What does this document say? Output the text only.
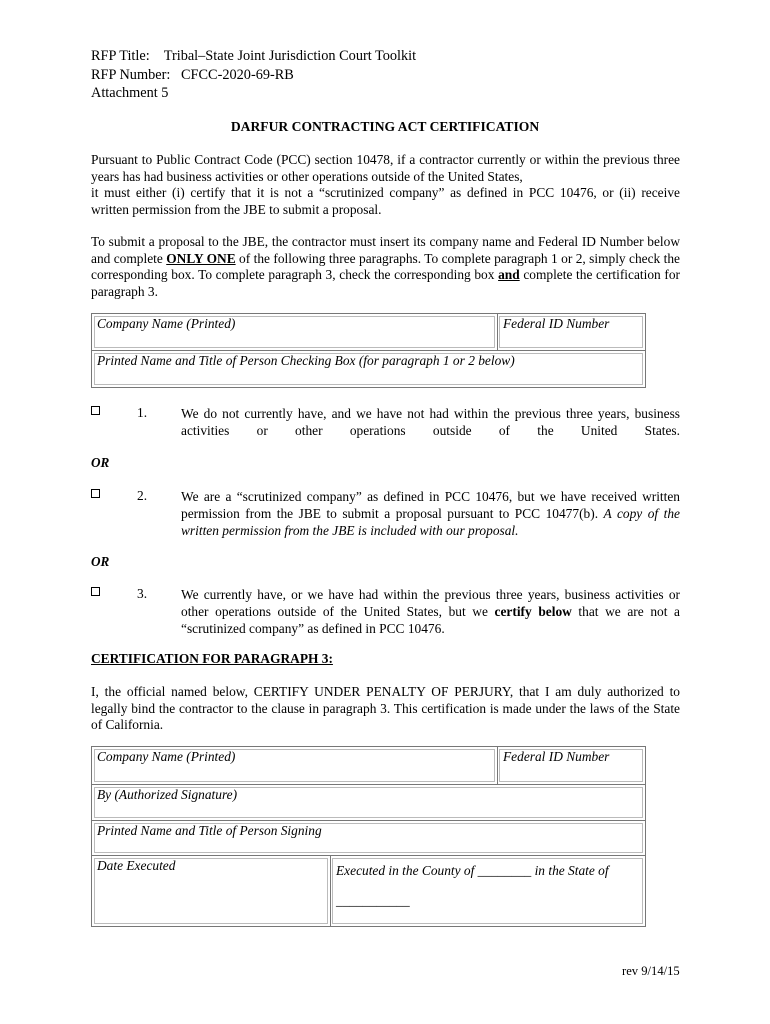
RFP Title:    Tribal–State Joint Jurisdiction Court Toolkit
RFP Number:   CFCC-2020-69-RB
Attachment 5
DARFUR CONTRACTING ACT CERTIFICATION
Pursuant to Public Contract Code (PCC) section 10478, if a contractor currently or within the previous three
years has had business activities or other operations outside of the United States,
it must either (i) certify that it is not a “scrutinized company” as defined in PCC 10476, or (ii) receive
written permission from the JBE to submit a proposal.
To submit a proposal to the JBE, the contractor must insert its company name and Federal ID Number below and complete ONLY ONE of the following three paragraphs. To complete paragraph 1 or 2, simply check the corresponding box. To complete paragraph 3, check the corresponding box and complete the certification for paragraph 3.
Company Name (Printed)	Federal ID Number
Printed Name and Title of Person Checking Box (for paragraph 1 or 2 below)
1.	We do not currently have, and we have not had within the previous three years, business activities or other operations outside of the United States.
OR
2.	We are a “scrutinized company” as defined in PCC 10476, but we have received written permission from the JBE to submit a proposal pursuant to PCC 10477(b). A copy of the written permission from the JBE is included with our proposal.
OR
3.	We currently have, or we have had within the previous three years, business activities or other operations outside of the United States, but we certify below that we are not a “scrutinized company” as defined in PCC 10476.
CERTIFICATION FOR PARAGRAPH 3:
I, the official named below, CERTIFY UNDER PENALTY OF PERJURY, that I am duly authorized to legally bind the contractor to the clause in paragraph 3. This certification is made under the laws of the State of California.
Company Name (Printed)	Federal ID Number
By (Authorized Signature)
Printed Name and Title of Person Signing
Date Executed	Executed in the County of ________ in the State of
___________
rev 9/14/15
